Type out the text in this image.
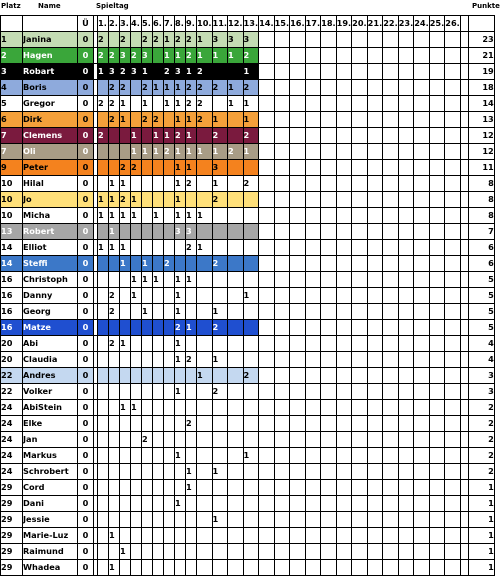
Platz Name	Spieltag	Punkte
		Ü		1.	2.	3.	4.	5.	6.	7.	8.	9.	10.	11.	12.	13.	14.	15.	16.	17.	18.	19.	20.	21.	22.	23.	24.	25.	26.		
1	Janina	0		2		2		2	2	1	2	2	1	3	3	3															23
2	Hagen	0		2	2	3	2	3		1	1	2	1	1	1	2															21
3	Robart	0		1	3	2	3	1		2	3	1	2			1															19
4	Boris	0			2	2		2	1	1	1	2	2	2	1	2															18
5	Gregor	0		2	2	1		1		1	1	2	2		1	1															14
6	Dirk	0			2	1		2	2		1	1	2	1		1															13
7	Clemens	0		2			1		1	1	2	1		2		2															12
7	Oli	0					1	1	1	2	1	1	1	1	2	1															12
9	Peter	0				2	2				1	1		3																	11
10	Hilal	0			1	1					1	2		1		2															8
10	Jo	0		1	1	2	1				1			2																	8
10	Micha	0		1	1	1	1		1		1	1	1																		8
13	Robert	0			1						3	3																			7
14	Elliot	0		1	1	1						2	1																		6
14	Steffi	0				1		1		2				2																	6
16	Christoph	0					1	1	1		1	1																			5
16	Danny	0			2		1				1					1															5
16	Georg	0			2			1			1			1																	5
16	Matze	0									2	1		2																	5
20	Abi	0			2	1					1																				4
20	Claudia	0									1	2		1																	4
22	Andres	0											1			2															3
22	Volker	0									1			2																	3
24	AbiStein	0				1	1																								2
24	Elke	0										2																			2
24	Jan	0						2																							2
24	Markus	0									1					1															2
24	Schrobert	0										1		1																	2
29	Cord	0										1																			1
29	Dani	0									1																				1
29	Jessie	0												1																	1
29	Marie-Luz	0			1																										1
29	Raimund	0				1																									1
29	Whadea	0			1																										1
